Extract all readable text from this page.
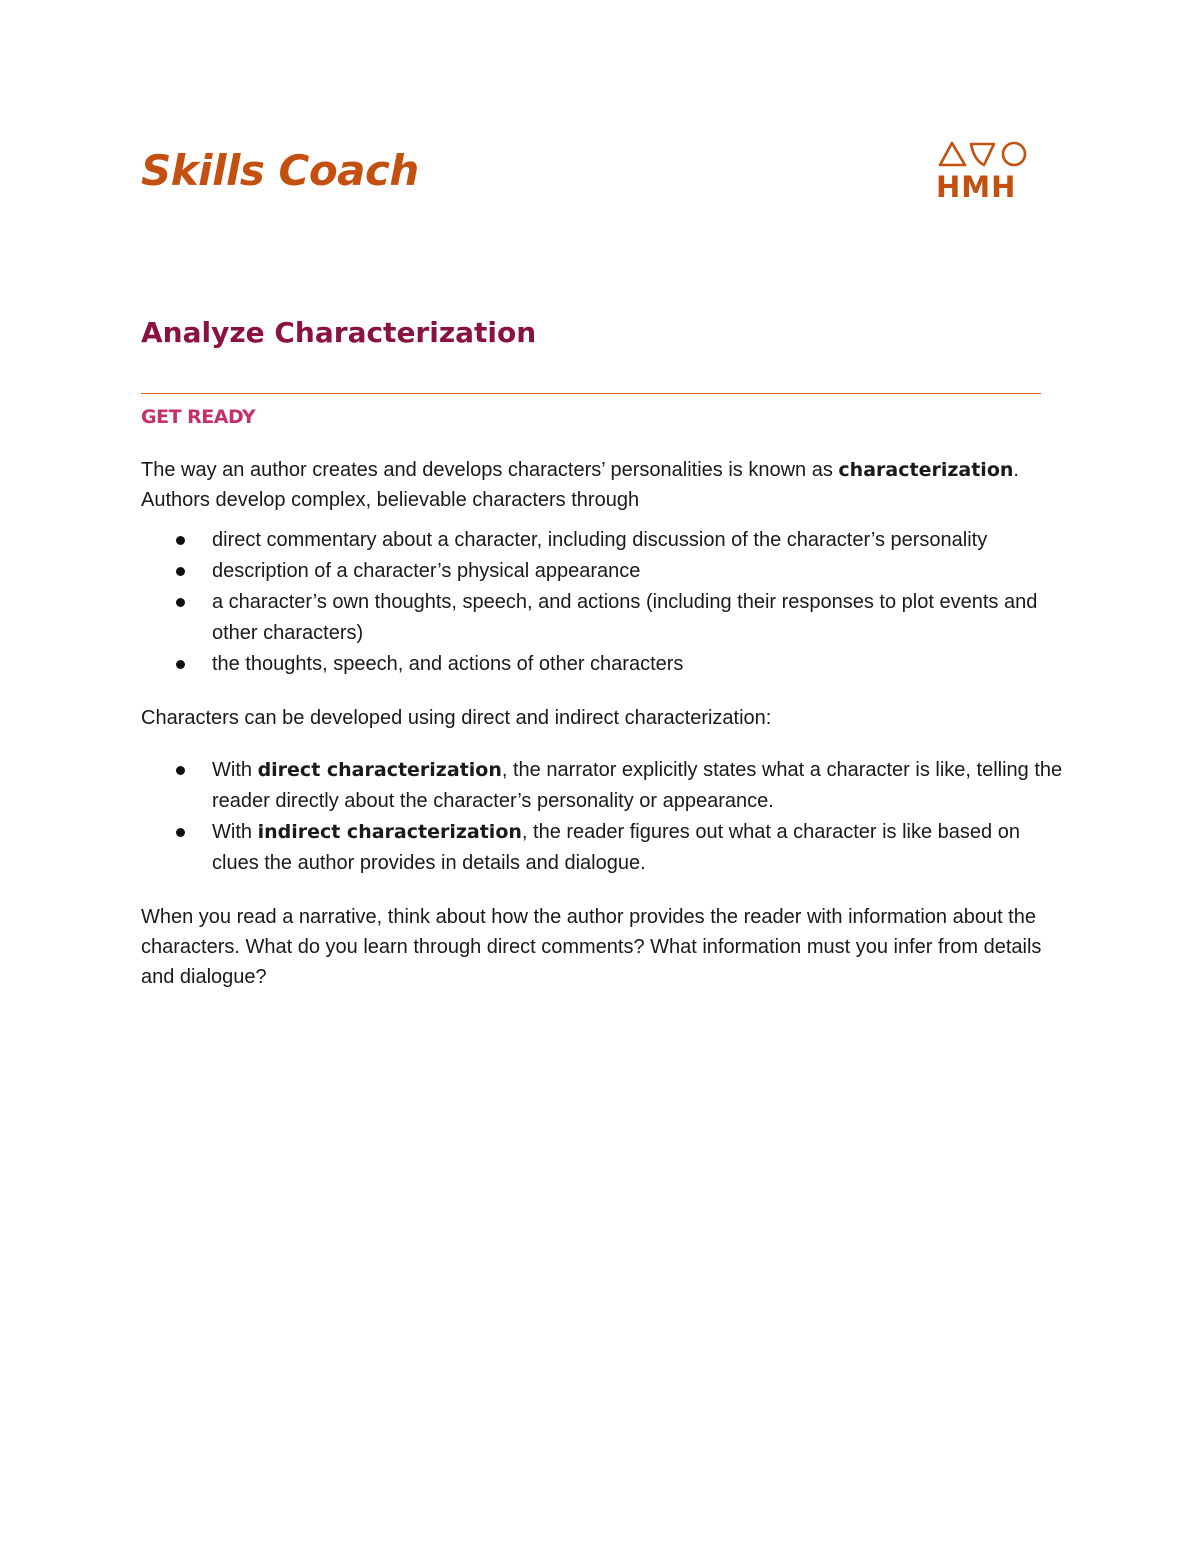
Skills Coach	HMH
Analyze Characterization
GET READY

The way an author creates and develops characters’ personalities is known as characterization. Authors develop complex, believable characters through

direct commentary about a character, including discussion of the character’s personality
description of a character’s physical appearance
a character’s own thoughts, speech, and actions (including their responses to plot events and other characters)
the thoughts, speech, and actions of other characters

Characters can be developed using direct and indirect characterization:

With direct characterization, the narrator explicitly states what a character is like, telling the reader directly about the character’s personality or appearance.
With indirect characterization, the reader figures out what a character is like based on clues the author provides in details and dialogue.

When you read a narrative, think about how the author provides the reader with information about the characters. What do you learn through direct comments? What information must you infer from details and dialogue?
